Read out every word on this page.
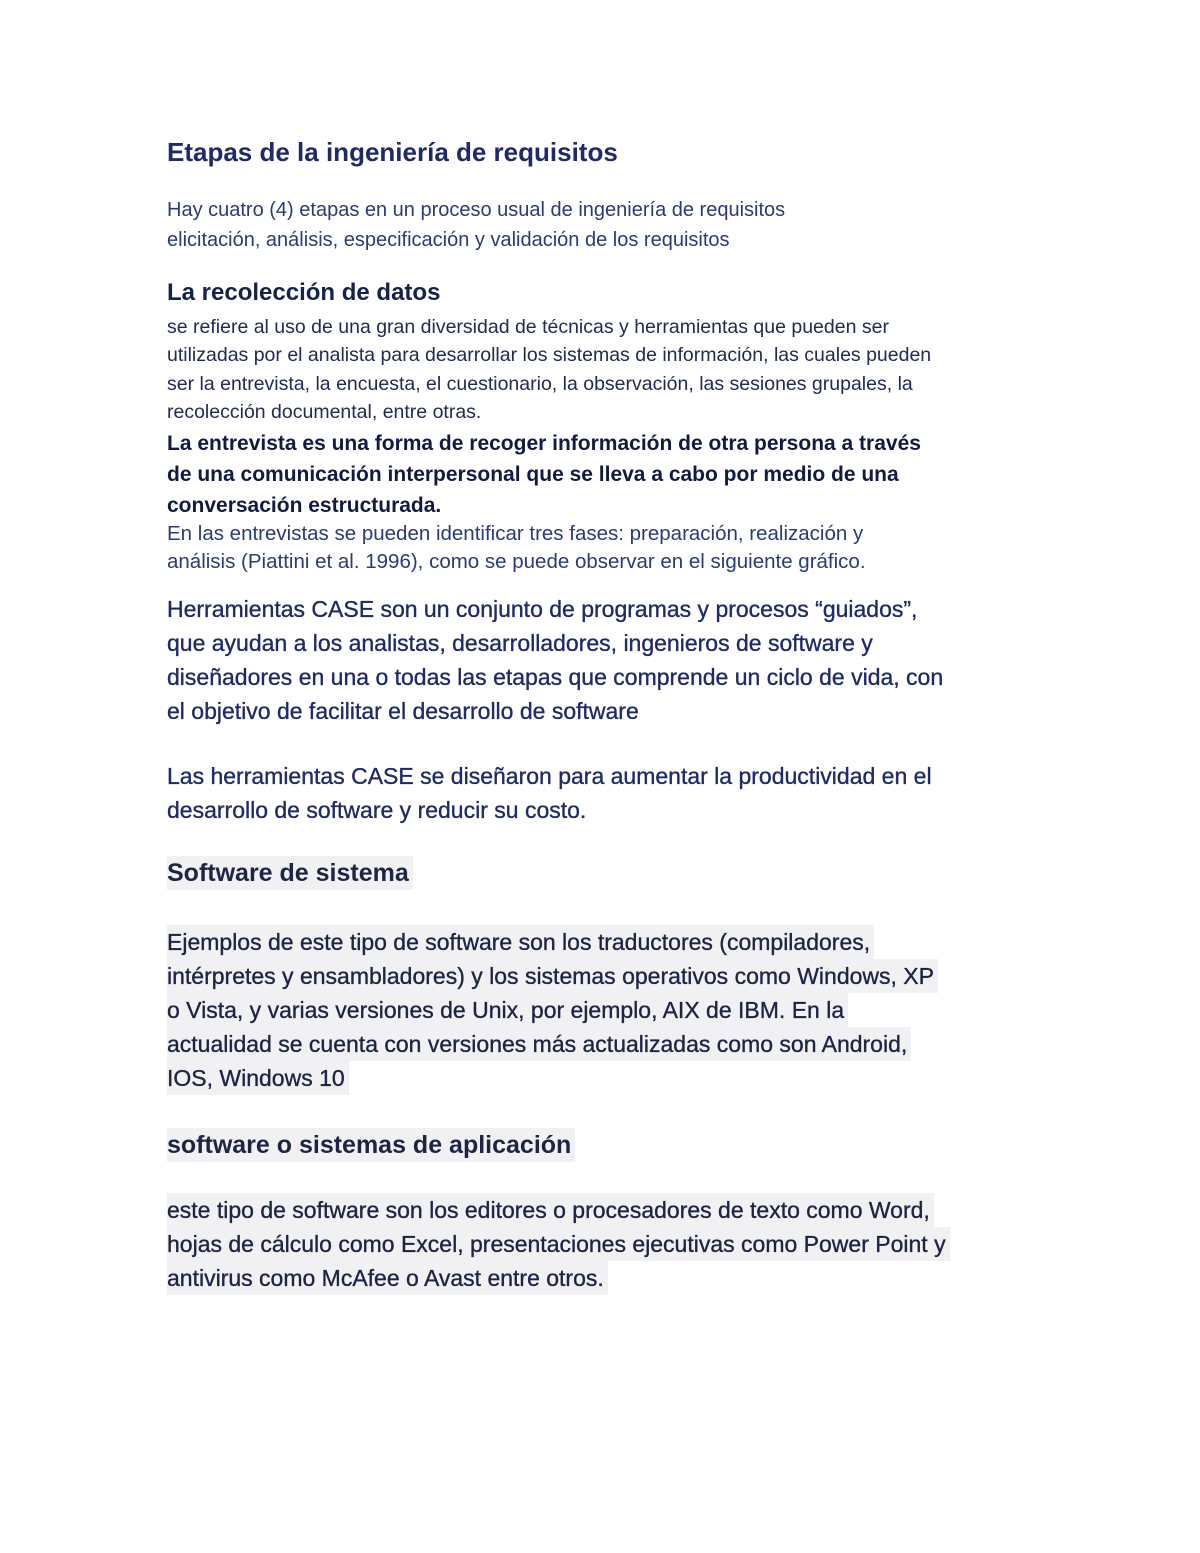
Etapas de la ingeniería de requisitos
Hay cuatro (4) etapas en un proceso usual de ingeniería de requisitos
elicitación, análisis, especificación y validación de los requisitos
La recolección de datos
se refiere al uso de una gran diversidad de técnicas y herramientas que pueden ser
utilizadas por el analista para desarrollar los sistemas de información, las cuales pueden
ser la entrevista, la encuesta, el cuestionario, la observación, las sesiones grupales, la
recolección documental, entre otras.
La entrevista es una forma de recoger información de otra persona a través
de una comunicación interpersonal que se lleva a cabo por medio de una
conversación estructurada.
En las entrevistas se pueden identificar tres fases: preparación, realización y
análisis (Piattini et al. 1996), como se puede observar en el siguiente gráfico.
Herramientas CASE son un conjunto de programas y procesos “guiados”,
que ayudan a los analistas, desarrolladores, ingenieros de software y
diseñadores en una o todas las etapas que comprende un ciclo de vida, con
el objetivo de facilitar el desarrollo de software
Las herramientas CASE se diseñaron para aumentar la productividad en el
desarrollo de software y reducir su costo.
Software de sistema
Ejemplos de este tipo de software son los traductores (compiladores,
intérpretes y ensambladores) y los sistemas operativos como Windows, XP
o Vista, y varias versiones de Unix, por ejemplo, AIX de IBM. En la
actualidad se cuenta con versiones más actualizadas como son Android,
IOS, Windows 10
software o sistemas de aplicación
este tipo de software son los editores o procesadores de texto como Word,
hojas de cálculo como Excel, presentaciones ejecutivas como Power Point y
antivirus como McAfee o Avast entre otros.
